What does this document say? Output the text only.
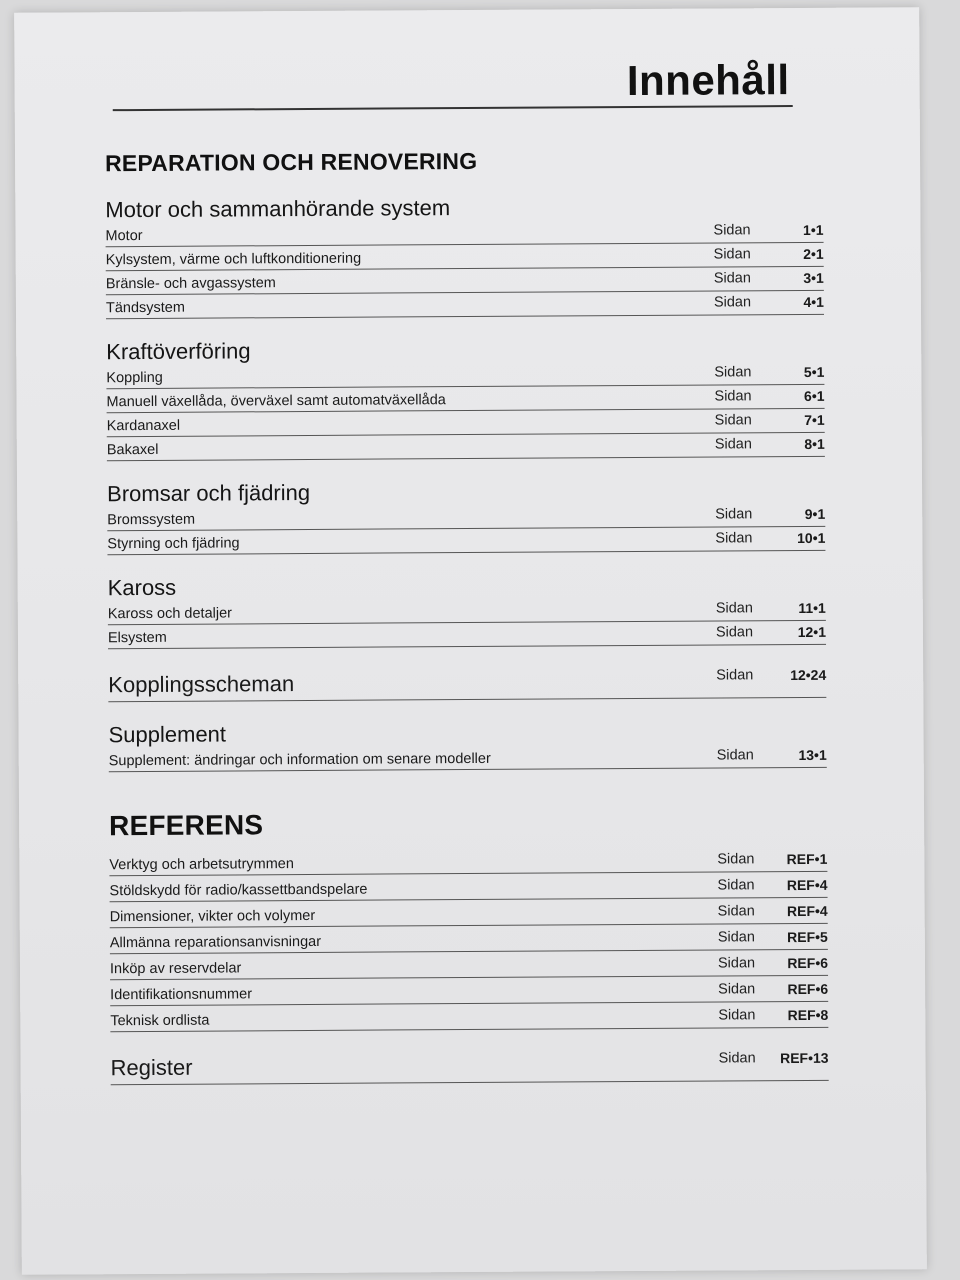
Innehåll
REPARATION OCH RENOVERING
Motor och sammanhörande system
Motor	Sidan	1•1
Kylsystem, värme och luftkonditionering	Sidan	2•1
Bränsle- och avgassystem	Sidan	3•1
Tändsystem	Sidan	4•1
Kraftöverföring
Koppling	Sidan	5•1
Manuell växellåda, överväxel samt automatväxellåda	Sidan	6•1
Kardanaxel	Sidan	7•1
Bakaxel	Sidan	8•1
Bromsar och fjädring
Bromssystem	Sidan	9•1
Styrning och fjädring	Sidan	10•1
Kaross
Kaross och detaljer	Sidan	11•1
Elsystem	Sidan	12•1
Kopplingsscheman	Sidan	12•24
Supplement
Supplement: ändringar och information om senare modeller	Sidan	13•1
REFERENS
Verktyg och arbetsutrymmen	Sidan	REF•1
Stöldskydd för radio/kassettbandspelare	Sidan	REF•4
Dimensioner, vikter och volymer	Sidan	REF•4
Allmänna reparationsanvisningar	Sidan	REF•5
Inköp av reservdelar	Sidan	REF•6
Identifikationsnummer	Sidan	REF•6
Teknisk ordlista	Sidan	REF•8
Register	Sidan	REF•13
